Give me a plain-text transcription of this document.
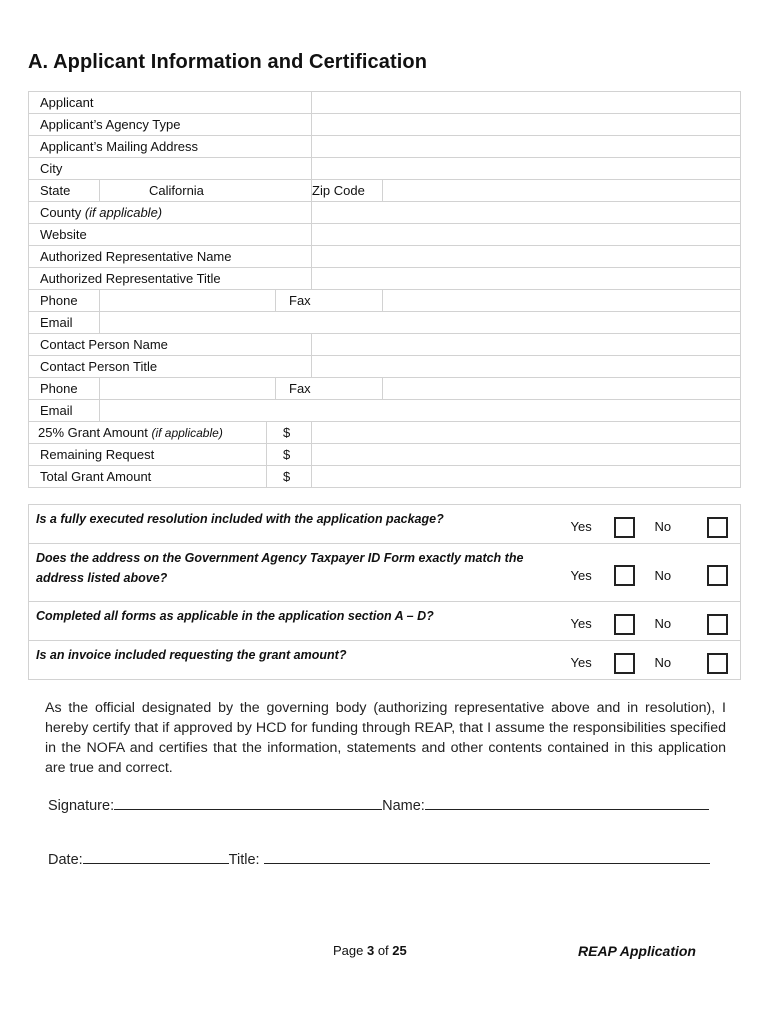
A. Applicant Information and Certification
Applicant					
Applicant’s Agency Type					
Applicant’s Mailing Address					
City					
State	California			Zip Code	
County (if applicable)					
Website					
Authorized Representative Name					
Authorized Representative Title					
Phone			Fax		
Email					
Contact Person Name					
Contact Person Title					
Phone			Fax		
Email					
25% Grant Amount (if applicable)		$			
Remaining Request		$			
Total Grant Amount		$			
Is a fully executed resolution included with the application package?	Yes		No	
Does the address on the Government Agency Taxpayer ID Form exactly match the address listed above?	Yes		No	
Completed all forms as applicable in the application section A – D?	Yes		No	
Is an invoice included requesting the grant amount?	Yes		No	
As the official designated by the governing body (authorizing representative above and in resolution), I hereby certify that if approved by HCD for funding through REAP, that I assume the responsibilities specified in the NOFA and certifies that the information, statements and other contents contained in this application are true and correct.
Signature:	Name:
Date:	Title:
Page 3 of 25	REAP Application
